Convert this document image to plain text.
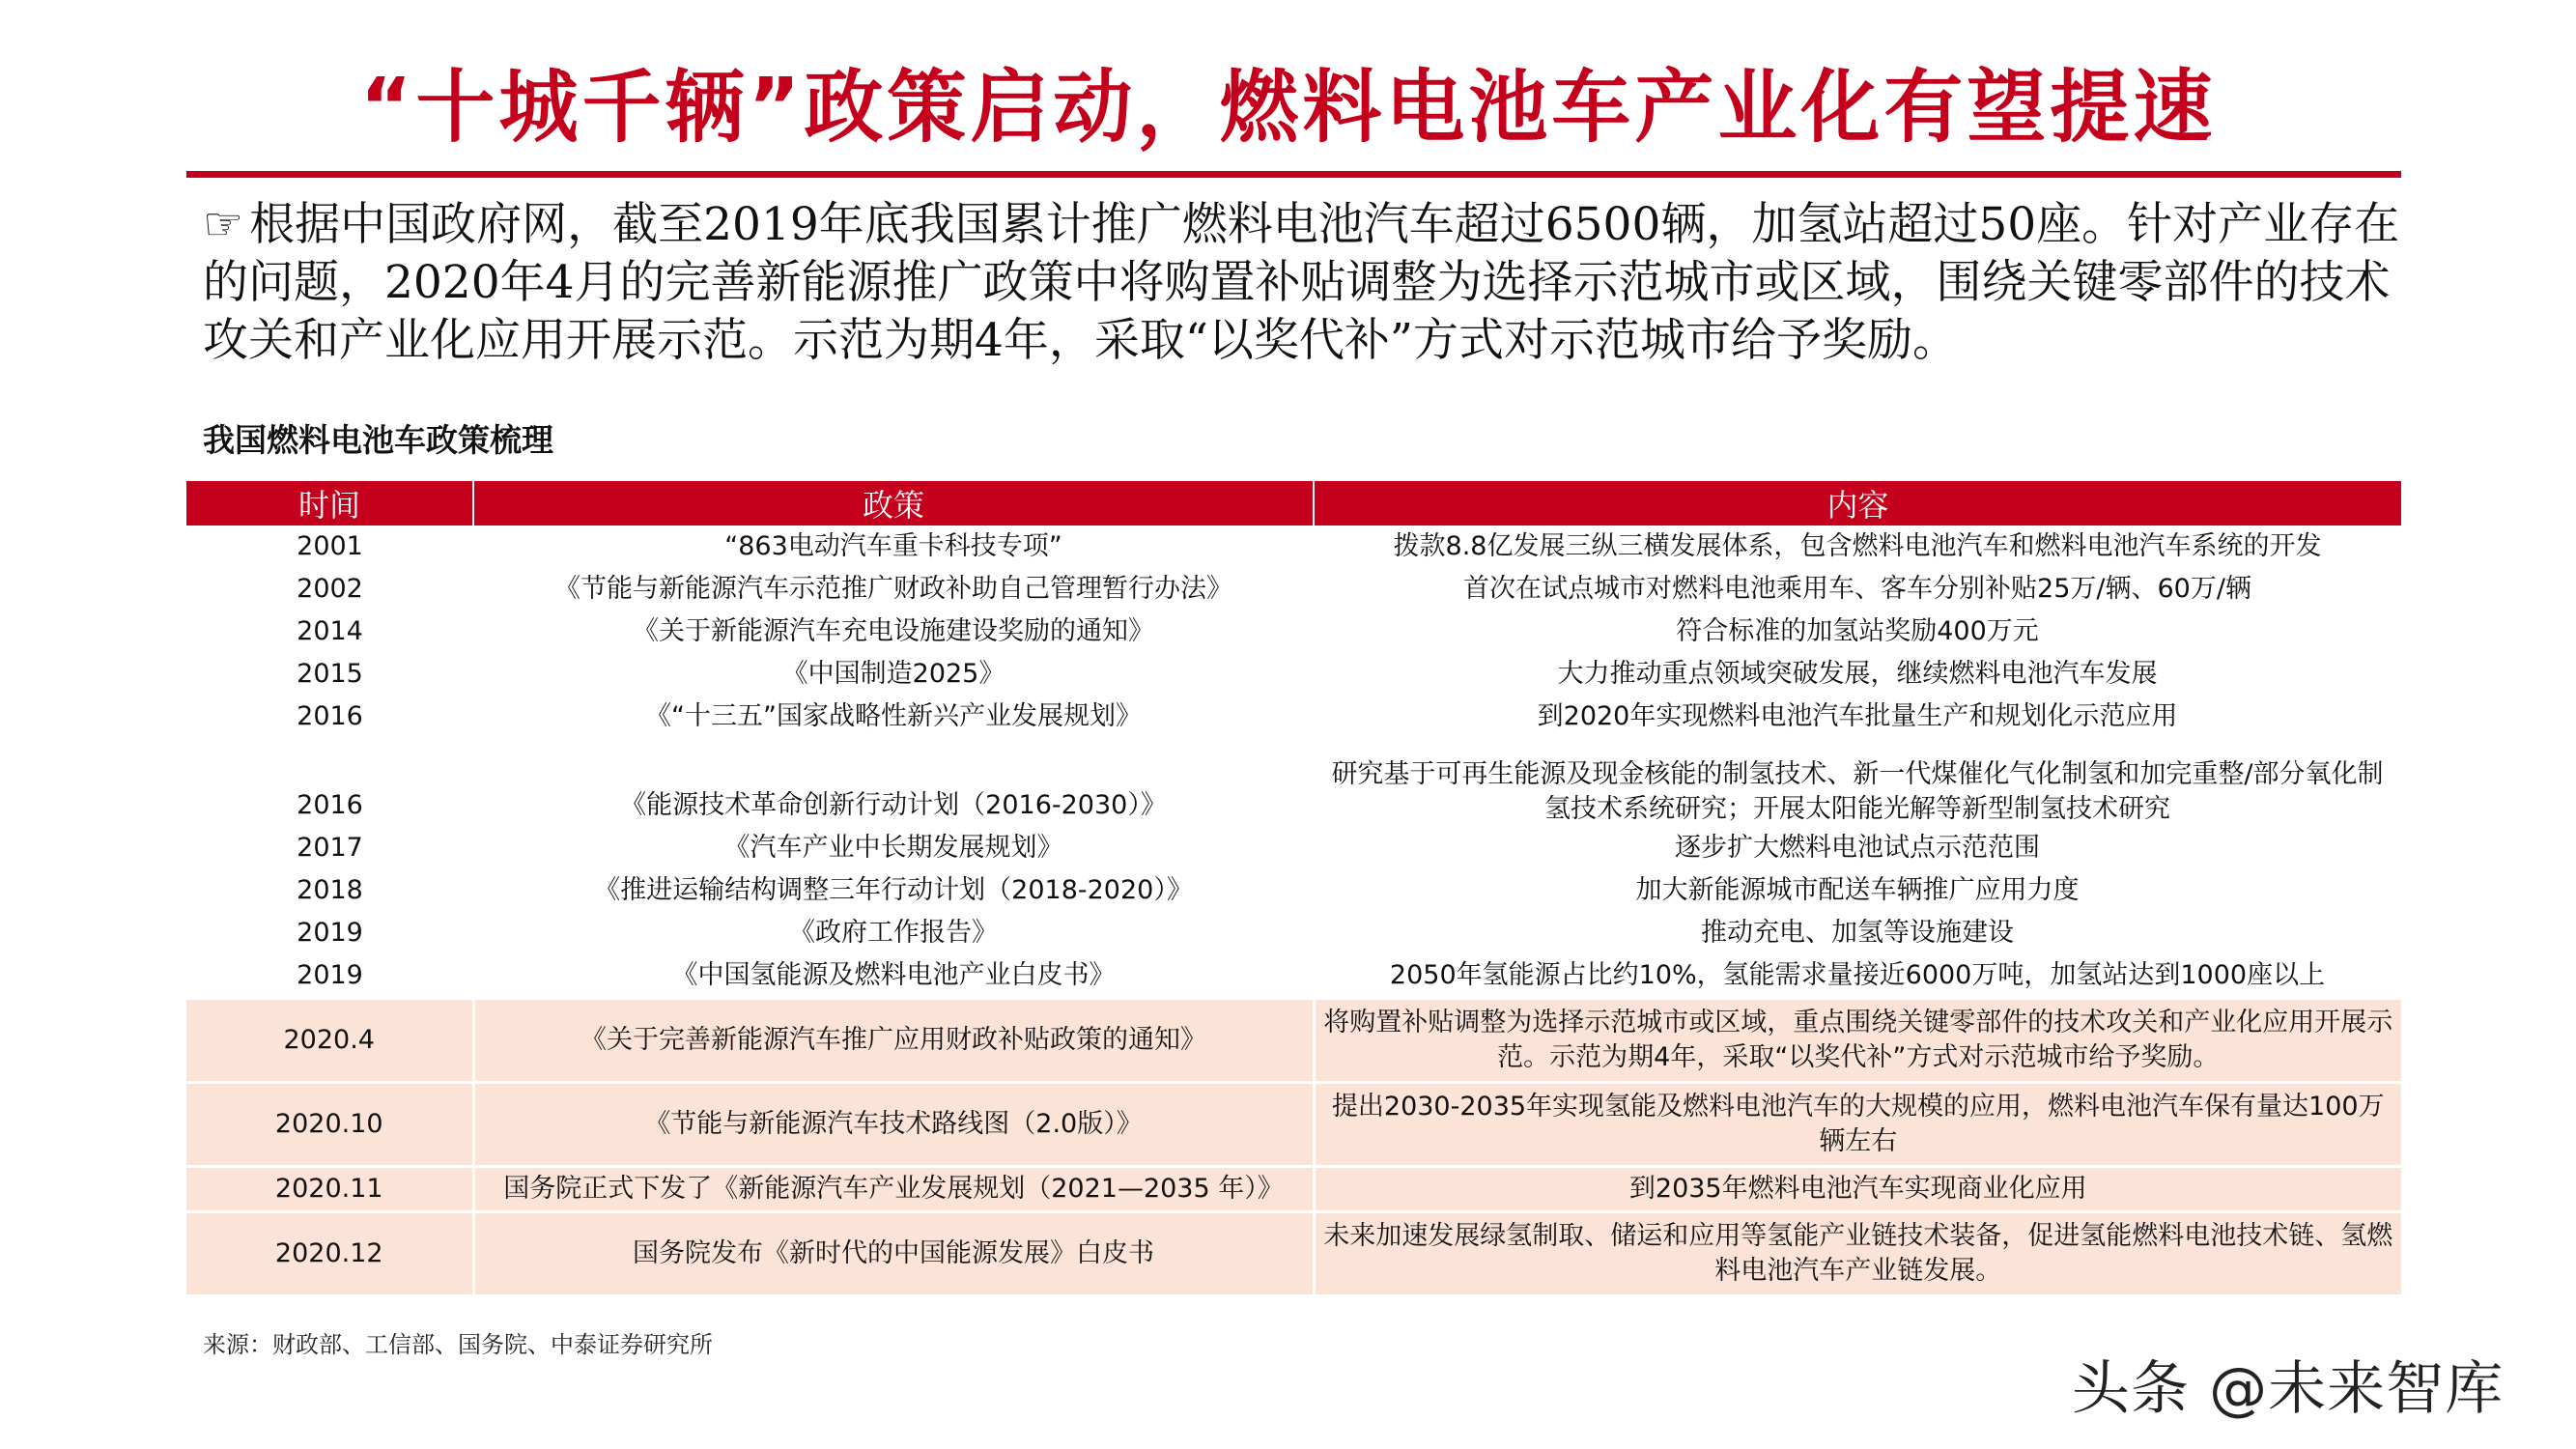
“十城千辆”政策启动，燃料电池车产业化有望提速

☞ 根据中国政府网，截至2019年底我国累计推广燃料电池汽车超过6500辆，加氢站超过50座。针对产业存在的问题，2020年4月的完善新能源推广政策中将购置补贴调整为选择示范城市或区域，围绕关键零部件的技术攻关和产业化应用开展示范。示范为期4年，采取“以奖代补”方式对示范城市给予奖励。

我国燃料电池车政策梳理
时间	政策	内容
2001	“863电动汽车重卡科技专项”	拨款8.8亿发展三纵三横发展体系，包含燃料电池汽车和燃料电池汽车系统的开发
2002	《节能与新能源汽车示范推广财政补助自己管理暂行办法》	首次在试点城市对燃料电池乘用车、客车分别补贴25万/辆、60万/辆
2014	《关于新能源汽车充电设施建设奖励的通知》	符合标准的加氢站奖励400万元
2015	《中国制造2025》	大力推动重点领域突破发展，继续燃料电池汽车发展
2016	《“十三五”国家战略性新兴产业发展规划》	到2020年实现燃料电池汽车批量生产和规划化示范应用
2016	《能源技术革命创新行动计划（2016-2030）》	研究基于可再生能源及现金核能的制氢技术、新一代煤催化气化制氢和加完重整/部分氧化制氢技术系统研究；开展太阳能光解等新型制氢技术研究
2017	《汽车产业中长期发展规划》	逐步扩大燃料电池试点示范范围
2018	《推进运输结构调整三年行动计划（2018-2020）》	加大新能源城市配送车辆推广应用力度
2019	《政府工作报告》	推动充电、加氢等设施建设
2019	《中国氢能源及燃料电池产业白皮书》	2050年氢能源占比约10%，氢能需求量接近6000万吨，加氢站达到1000座以上
2020.4	《关于完善新能源汽车推广应用财政补贴政策的通知》	将购置补贴调整为选择示范城市或区域，重点围绕关键零部件的技术攻关和产业化应用开展示范。示范为期4年，采取“以奖代补”方式对示范城市给予奖励。
2020.10	《节能与新能源汽车技术路线图（2.0版）》	提出2030-2035年实现氢能及燃料电池汽车的大规模的应用，燃料电池汽车保有量达100万辆左右
2020.11	国务院正式下发了《新能源汽车产业发展规划（2021—2035 年）》	到2035年燃料电池汽车实现商业化应用
2020.12	国务院发布《新时代的中国能源发展》白皮书	未来加速发展绿氢制取、储运和应用等氢能产业链技术装备，促进氢能燃料电池技术链、氢燃料电池汽车产业链发展。

来源：财政部、工信部、国务院、中泰证券研究所

头条 @未来智库
